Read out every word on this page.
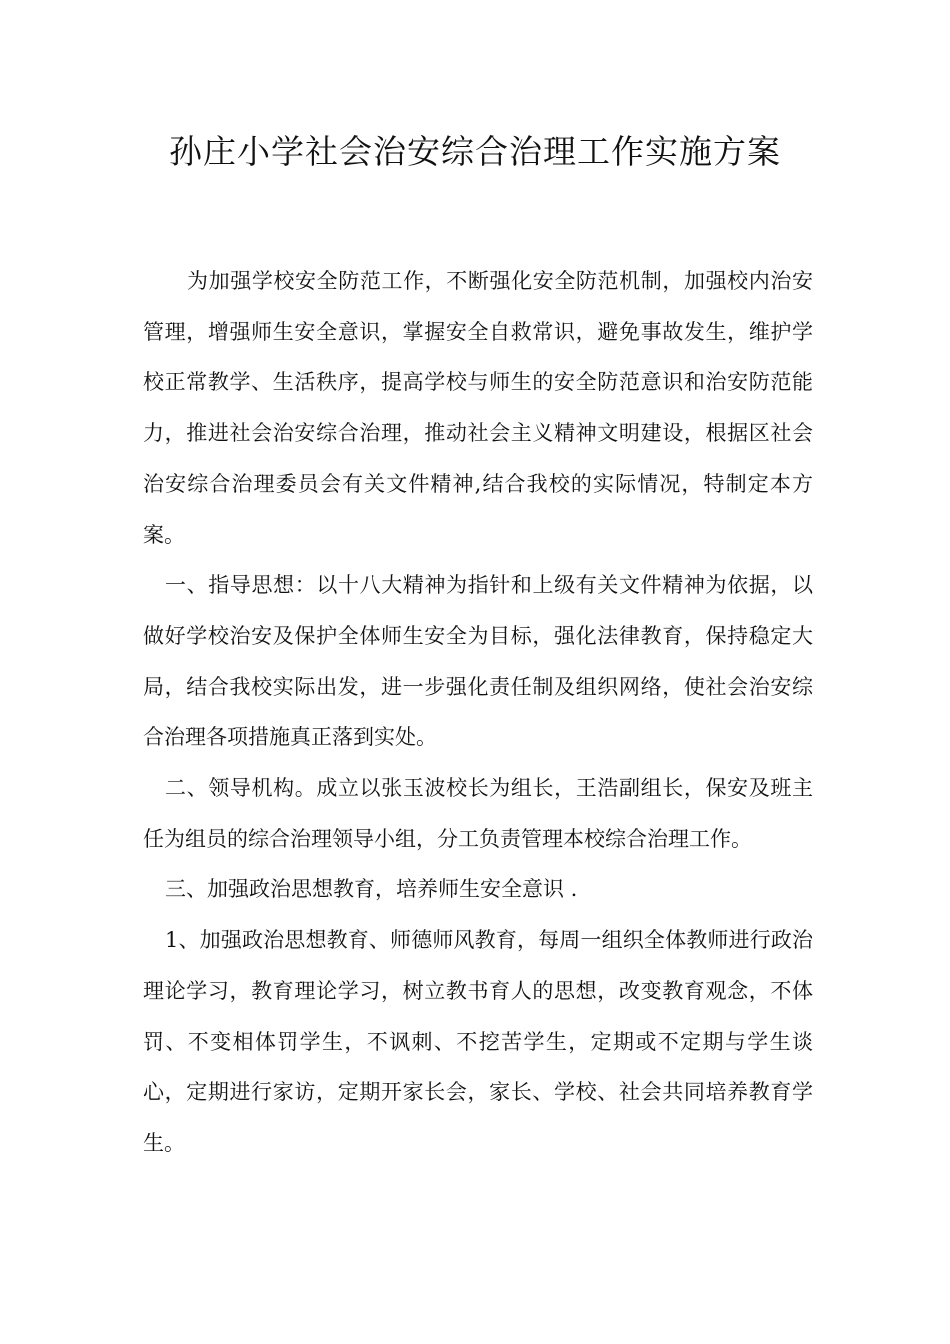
孙庄小学社会治安综合治理工作实施方案

为加强学校安全防范工作，不断强化安全防范机制，加强校内治安管理，增强师生安全意识，掌握安全自救常识，避免事故发生，维护学校正常教学、生活秩序，提高学校与师生的安全防范意识和治安防范能力，推进社会治安综合治理，推动社会主义精神文明建设，根据区社会治安综合治理委员会有关文件精神,结合我校的实际情况，特制定本方案。

一、指导思想：以十八大精神为指针和上级有关文件精神为依据，以做好学校治安及保护全体师生安全为目标，强化法律教育，保持稳定大局，结合我校实际出发，进一步强化责任制及组织网络，使社会治安综合治理各项措施真正落到实处。

二、领导机构。成立以张玉波校长为组长，王浩副组长，保安及班主任为组员的综合治理领导小组，分工负责管理本校综合治理工作。

三、加强政治思想教育，培养师生安全意识 .

1、加强政治思想教育、师德师风教育，每周一组织全体教师进行政治理论学习，教育理论学习，树立教书育人的思想，改变教育观念，不体罚、不变相体罚学生，不讽刺、不挖苦学生，定期或不定期与学生谈心，定期进行家访，定期开家长会，家长、学校、社会共同培养教育学生。
